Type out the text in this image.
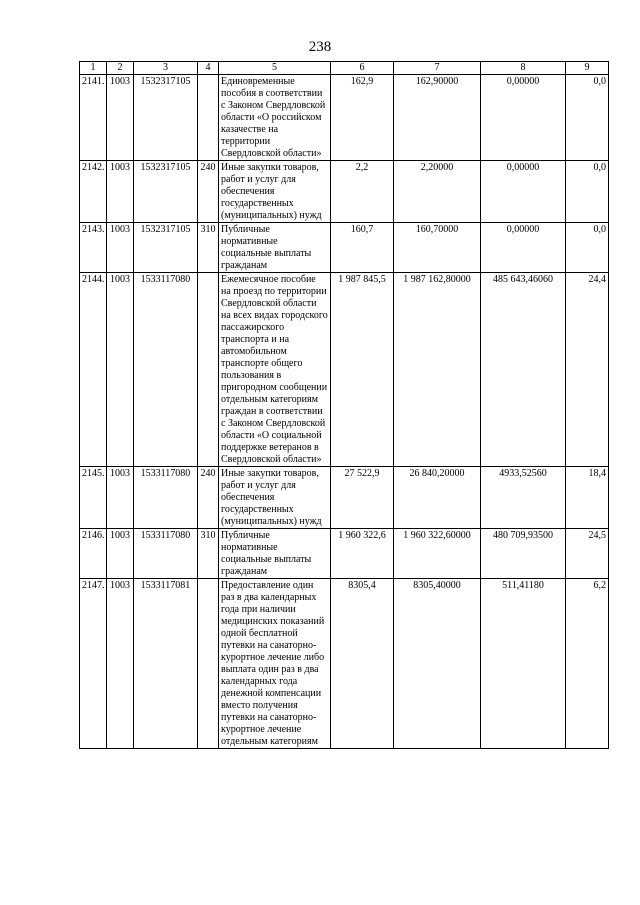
238
1	2	3	4	5	6	7	8	9
2141.	1003	1532317105		Единовременные пособия в соответствии с Законом Свердловской области «О российском казачестве на территории Свердловской области»	162,9	162,90000	0,00000	0,0
2142.	1003	1532317105	240	Иные закупки товаров, работ и услуг для обеспечения государственных (муниципальных) нужд	2,2	2,20000	0,00000	0,0
2143.	1003	1532317105	310	Публичные нормативные социальные выплаты гражданам	160,7	160,70000	0,00000	0,0
2144.	1003	1533117080		Ежемесячное пособие на проезд по территории Свердловской области на всех видах городского пассажирского транспорта и на автомобильном транспорте общего пользования в пригородном сообщении отдельным категориям граждан в соответствии с Законом Свердловской области «О социальной поддержке ветеранов в Свердловской области»	1 987 845,5	1 987 162,80000	485 643,46060	24,4
2145.	1003	1533117080	240	Иные закупки товаров, работ и услуг для обеспечения государственных (муниципальных) нужд	27 522,9	26 840,20000	4933,52560	18,4
2146.	1003	1533117080	310	Публичные нормативные социальные выплаты гражданам	1 960 322,6	1 960 322,60000	480 709,93500	24,5
2147.	1003	1533117081		Предоставление один раз в два календарных года при наличии медицинских показаний одной бесплатной путевки на санаторно-курортное лечение либо выплата один раз в два календарных года денежной компенсации вместо получения путевки на санаторно-курортное лечение отдельным категориям	8305,4	8305,40000	511,41180	6,2
